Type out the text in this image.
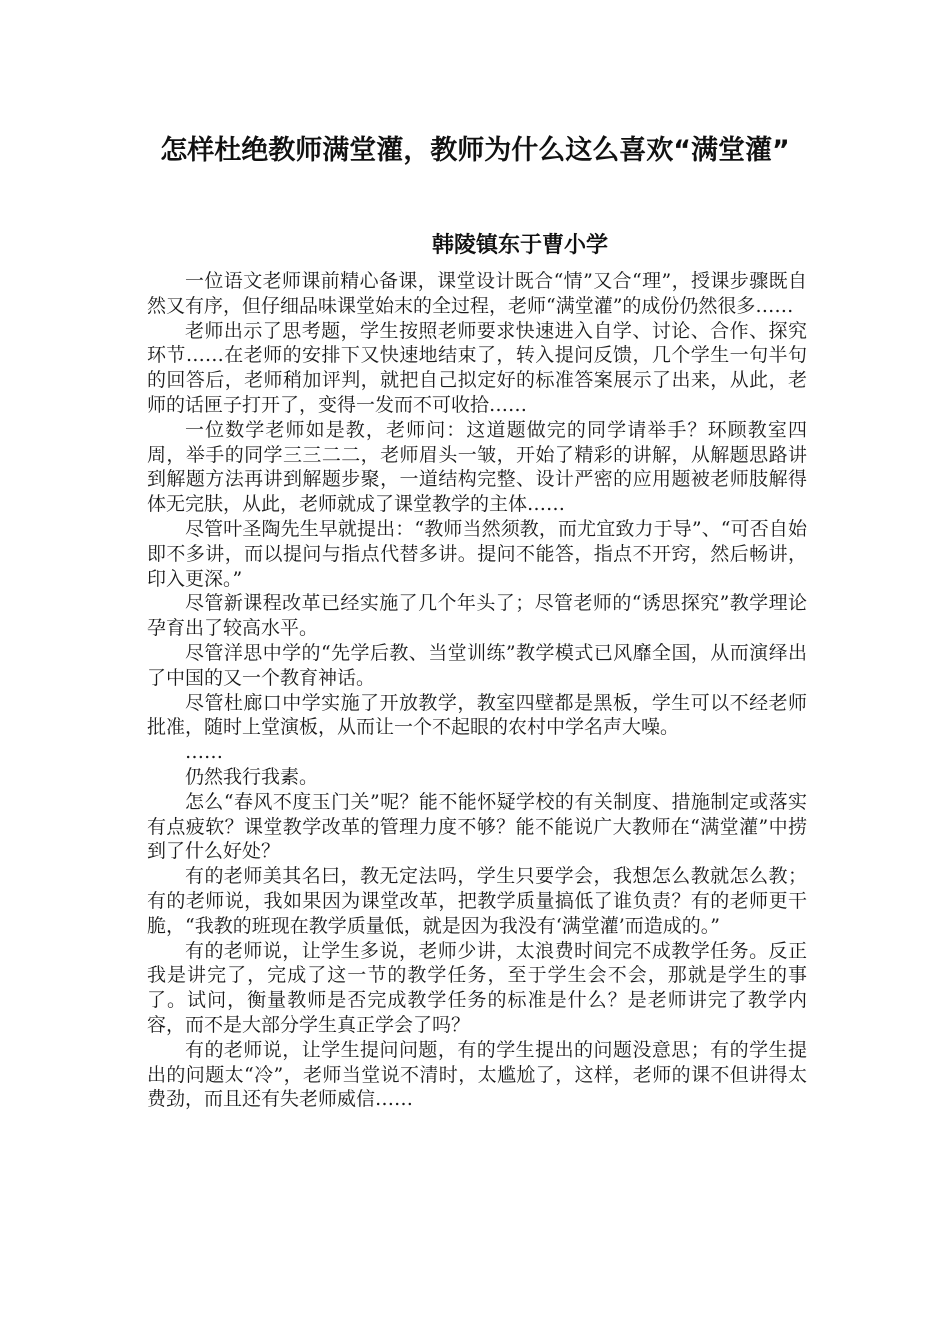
怎样杜绝教师满堂灌，教师为什么这么喜欢“满堂灌”
韩陵镇东于曹小学

一位语文老师课前精心备课，课堂设计既合“情”又合“理”，授课步骤既自然又有序，但仔细品味课堂始末的全过程，老师“满堂灌”的成份仍然很多……

老师出示了思考题，学生按照老师要求快速进入自学、讨论、合作、探究环节……在老师的安排下又快速地结束了，转入提问反馈，几个学生一句半句的回答后，老师稍加评判，就把自己拟定好的标准答案展示了出来，从此，老师的话匣子打开了，变得一发而不可收拾……

一位数学老师如是教，老师问：这道题做完的同学请举手？环顾教室四周，举手的同学三三二二，老师眉头一皱，开始了精彩的讲解，从解题思路讲到解题方法再讲到解题步聚，一道结构完整、设计严密的应用题被老师肢解得体无完肤，从此，老师就成了课堂教学的主体……

尽管叶圣陶先生早就提出：“教师当然须教，而尤宜致力于导”、“可否自始即不多讲，而以提问与指点代替多讲。提问不能答，指点不开窍，然后畅讲，印入更深。”

尽管新课程改革已经实施了几个年头了；尽管老师的“诱思探究”教学理论孕育出了较高水平。

尽管洋思中学的“先学后教、当堂训练”教学模式已风靡全国，从而演绎出了中国的又一个教育神话。

尽管杜廊口中学实施了开放教学，教室四壁都是黑板，学生可以不经老师批准，随时上堂演板，从而让一个不起眼的农村中学名声大噪。

……

仍然我行我素。

怎么“春风不度玉门关”呢？能不能怀疑学校的有关制度、措施制定或落实有点疲软？课堂教学改革的管理力度不够？能不能说广大教师在“满堂灌”中捞到了什么好处？

有的老师美其名曰，教无定法吗，学生只要学会，我想怎么教就怎么教；有的老师说，我如果因为课堂改革，把教学质量搞低了谁负责？有的老师更干脆，“我教的班现在教学质量低，就是因为我没有‘满堂灌’而造成的。”

有的老师说，让学生多说，老师少讲，太浪费时间完不成教学任务。反正我是讲完了，完成了这一节的教学任务，至于学生会不会，那就是学生的事了。试问，衡量教师是否完成教学任务的标准是什么？是老师讲完了教学内容，而不是大部分学生真正学会了吗？

有的老师说，让学生提问问题，有的学生提出的问题没意思；有的学生提出的问题太“冷”，老师当堂说不清时，太尴尬了，这样，老师的课不但讲得太费劲，而且还有失老师威信……
